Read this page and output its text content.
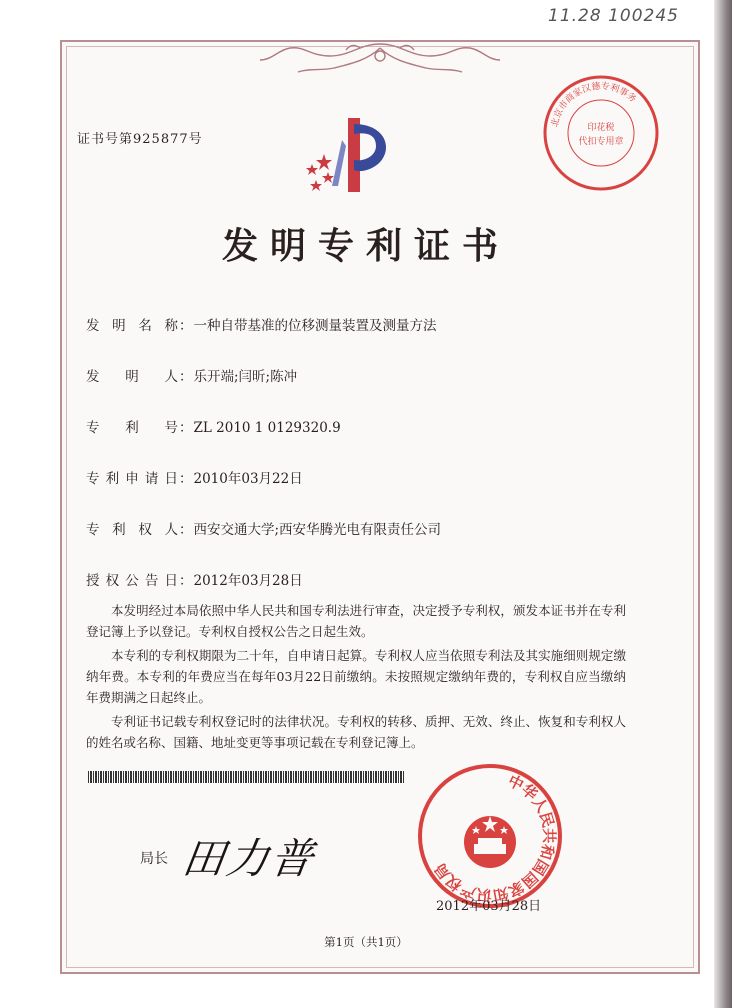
11.28 100245
证书号第925877号
北京市商家汉德专利事务
印花税
代扣专用章
发明专利证书
发明名称：一种自带基准的位移测量装置及测量方法
发明人：乐开端;闫昕;陈冲
专利号：ZL 2010 1 0129320.9
专利申请日：2010年03月22日
专利权人：西安交通大学;西安华腾光电有限责任公司
授权公告日：2012年03月28日

本发明经过本局依照中华人民共和国专利法进行审查，决定授予专利权，颁发本证书并在专利登记簿上予以登记。专利权自授权公告之日起生效。

本专利的专利权期限为二十年，自申请日起算。专利权人应当依照专利法及其实施细则规定缴纳年费。本专利的年费应当在每年03月22日前缴纳。未按照规定缴纳年费的，专利权自应当缴纳年费期满之日起终止。

专利证书记载专利权登记时的法律状况。专利权的转移、质押、无效、终止、恢复和专利权人的姓名或名称、国籍、地址变更等事项记载在专利登记簿上。

局长 田力普
中华人民共和国国家知识产权局
2012年03月28日
第1页（共1页）
